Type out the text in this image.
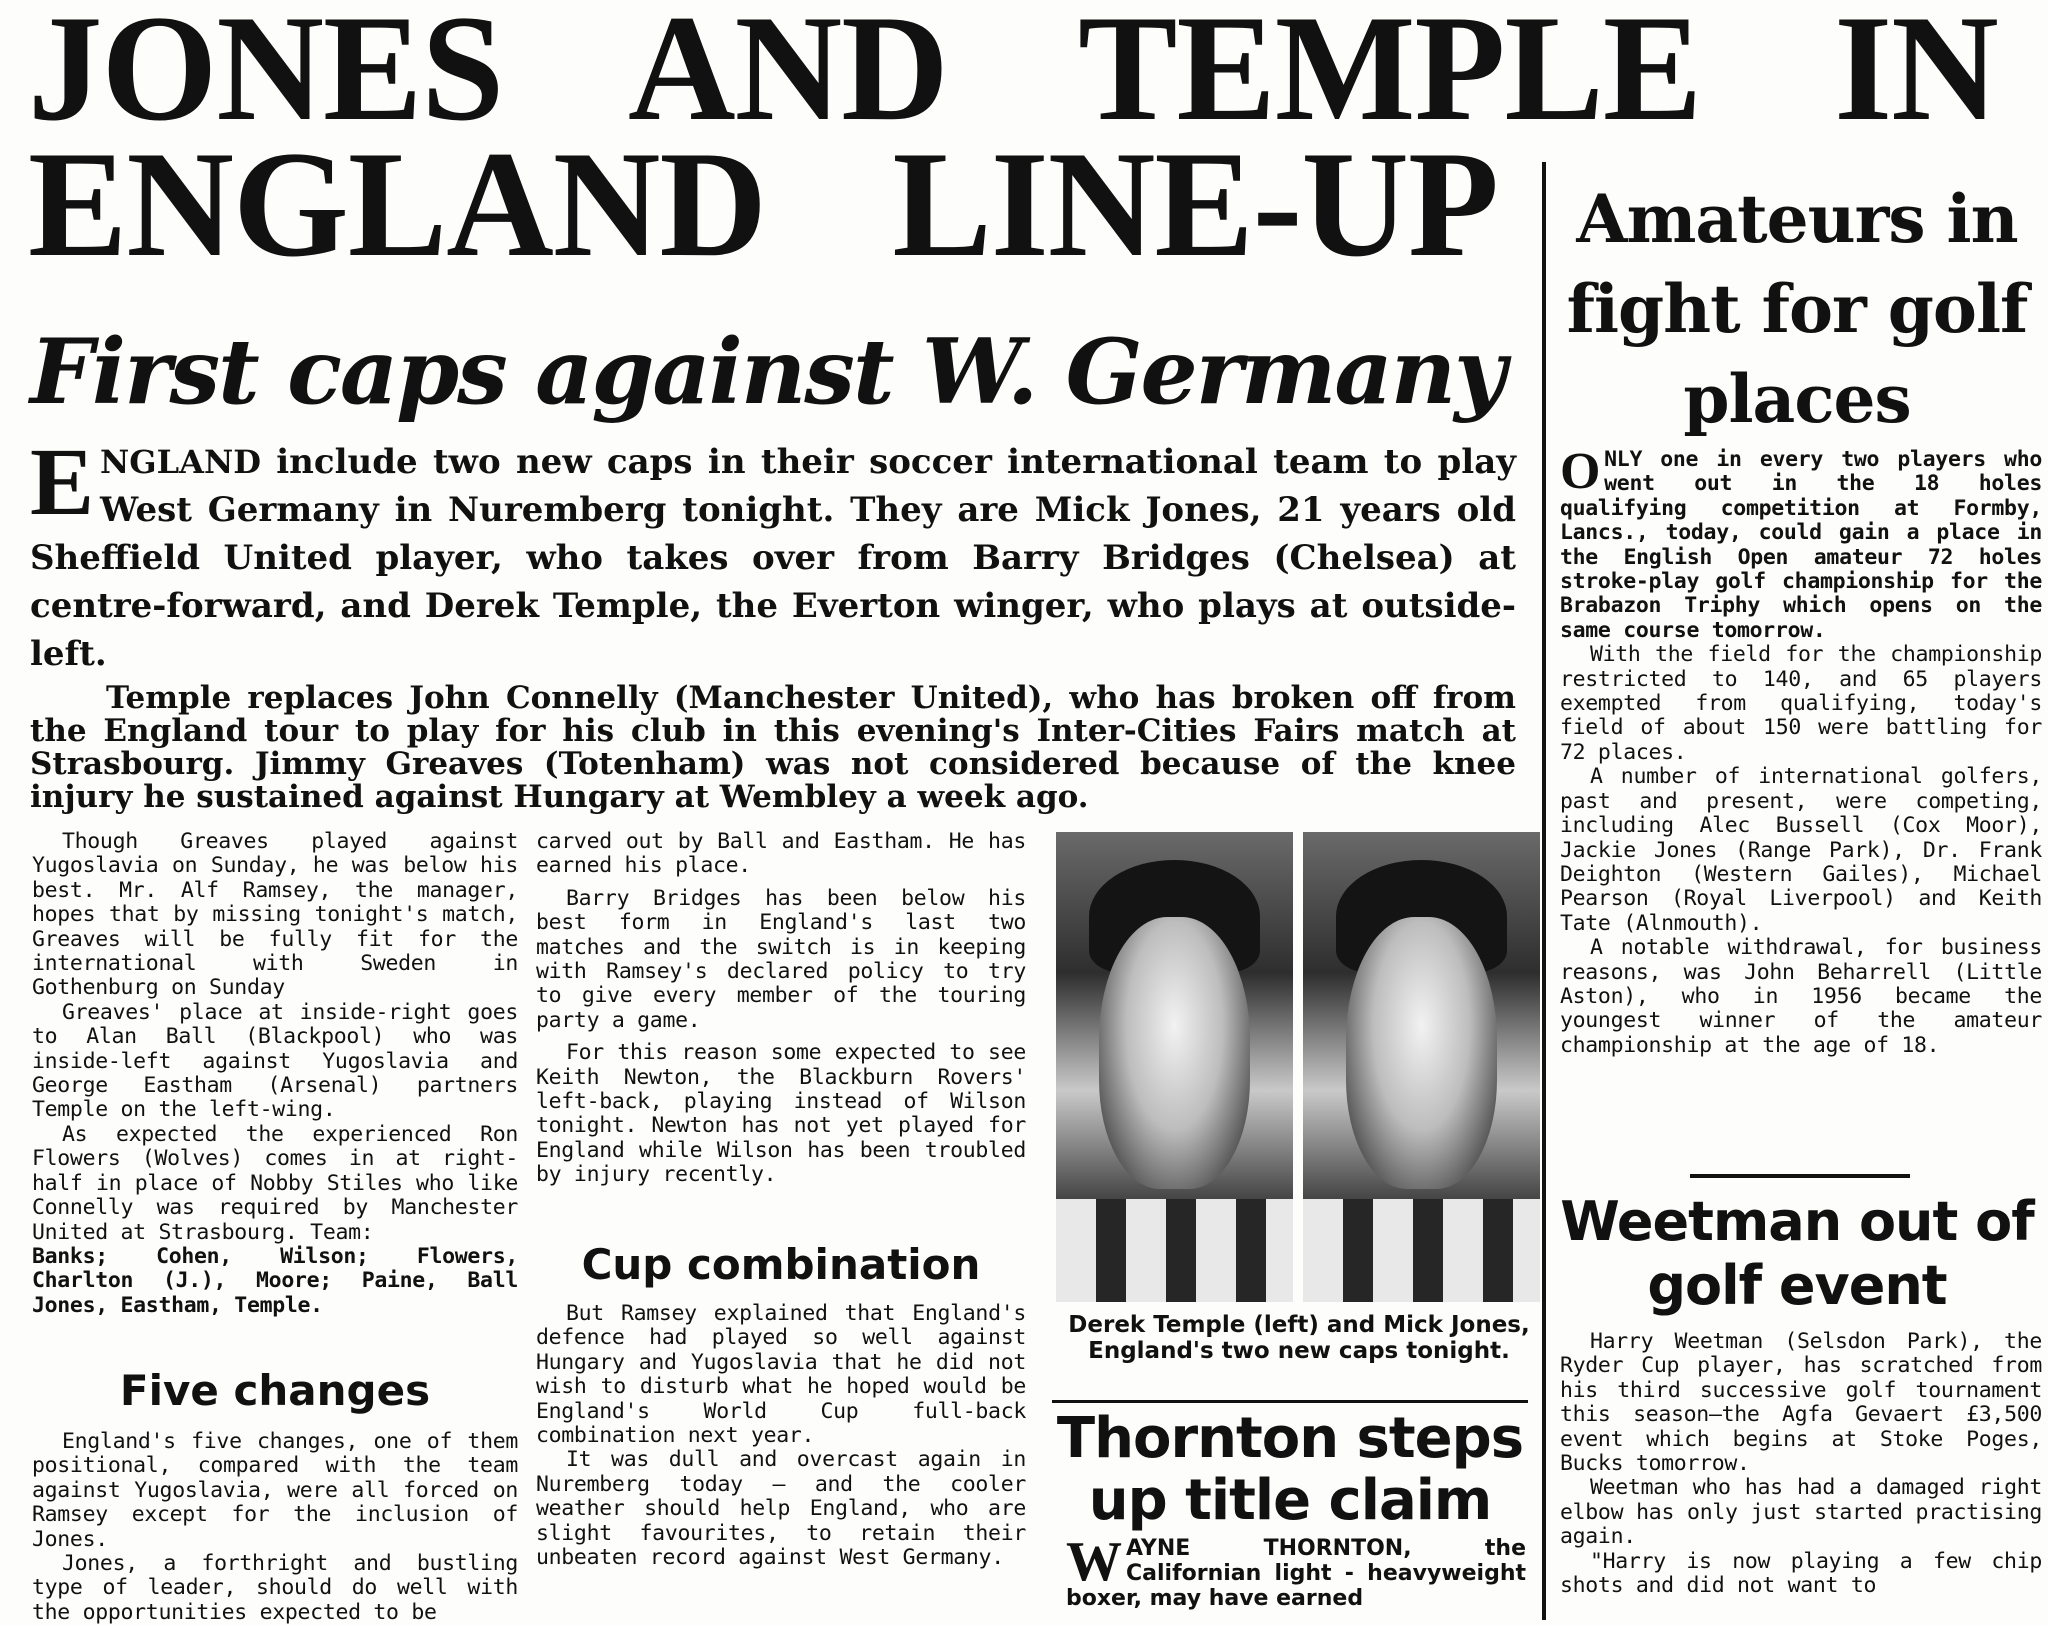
JONES AND TEMPLE IN
ENGLAND LINE-UP
First caps against W. Germany
ENGLAND include two new caps in their soccer international team to play West Germany in Nuremberg tonight. They are Mick Jones, 21 years old Sheffield United player, who takes over from Barry Bridges (Chelsea) at centre-forward, and Derek Temple, the Everton winger, who plays at outside-left.
Temple replaces John Connelly (Manchester United), who has broken off from the England tour to play for his club in this evening's Inter-Cities Fairs match at Strasbourg. Jimmy Greaves (Totenham) was not considered because of the knee injury he sustained against Hungary at Wembley a week ago.

Though Greaves played against Yugoslavia on Sunday, he was below his best. Mr. Alf Ramsey, the manager, hopes that by missing tonight's match, Greaves will be fully fit for the international with Sweden in Gothenburg on Sunday

Greaves' place at inside-right goes to Alan Ball (Blackpool) who was inside-left against Yugoslavia and George Eastham (Arsenal) partners Temple on the left-wing.

As expected the experienced Ron Flowers (Wolves) comes in at right-half in place of Nobby Stiles who like Connelly was required by Manchester United at Strasbourg. Team:

Banks; Cohen, Wilson; Flowers, Charlton (J.), Moore; Paine, Ball Jones, Eastham, Temple.

Five changes

England's five changes, one of them positional, compared with the team against Yugoslavia, were all forced on Ramsey except for the inclusion of Jones.

Jones, a forthright and bustling type of leader, should do well with the opportunities expected to be

carved out by Ball and Eastham. He has earned his place.

Barry Bridges has been below his best form in England's last two matches and the switch is in keeping with Ramsey's declared policy to try to give every member of the touring party a game.

For this reason some expected to see Keith Newton, the Blackburn Rovers' left-back, playing instead of Wilson tonight. Newton has not yet played for England while Wilson has been troubled by injury recently.

Cup combination

But Ramsey explained that England's defence had played so well against Hungary and Yugoslavia that he did not wish to disturb what he hoped would be England's World Cup full-back combination next year.

It was dull and overcast again in Nuremberg today — and the cooler weather should help England, who are slight favourites, to retain their unbeaten record against West Germany.

Derek Temple (left) and Mick Jones, England's two new caps tonight.
Thornton steps up title claim
WAYNE THORNTON, the Californian light - heavyweight boxer, may have earned
Amateurs in fight for golf places

ONLY one in every two players who went out in the 18 holes qualifying competition at Formby, Lancs., today, could gain a place in the English Open amateur 72 holes stroke-play golf championship for the Brabazon Triphy which opens on the same course tomorrow.

With the field for the championship restricted to 140, and 65 players exempted from qualifying, today's field of about 150 were battling for 72 places.

A number of international golfers, past and present, were competing, including Alec Bussell (Cox Moor), Jackie Jones (Range Park), Dr. Frank Deighton (Western Gailes), Michael Pearson (Royal Liverpool) and Keith Tate (Alnmouth).

A notable withdrawal, for business reasons, was John Beharrell (Little Aston), who in 1956 became the youngest winner of the amateur championship at the age of 18.

Weetman out of golf event

Harry Weetman (Selsdon Park), the Ryder Cup player, has scratched from his third successive golf tournament this season—the Agfa Gevaert £3,500 event which begins at Stoke Poges, Bucks tomorrow.

Weetman who has had a damaged right elbow has only just started practising again.

"Harry is now playing a few chip shots and did not want to
